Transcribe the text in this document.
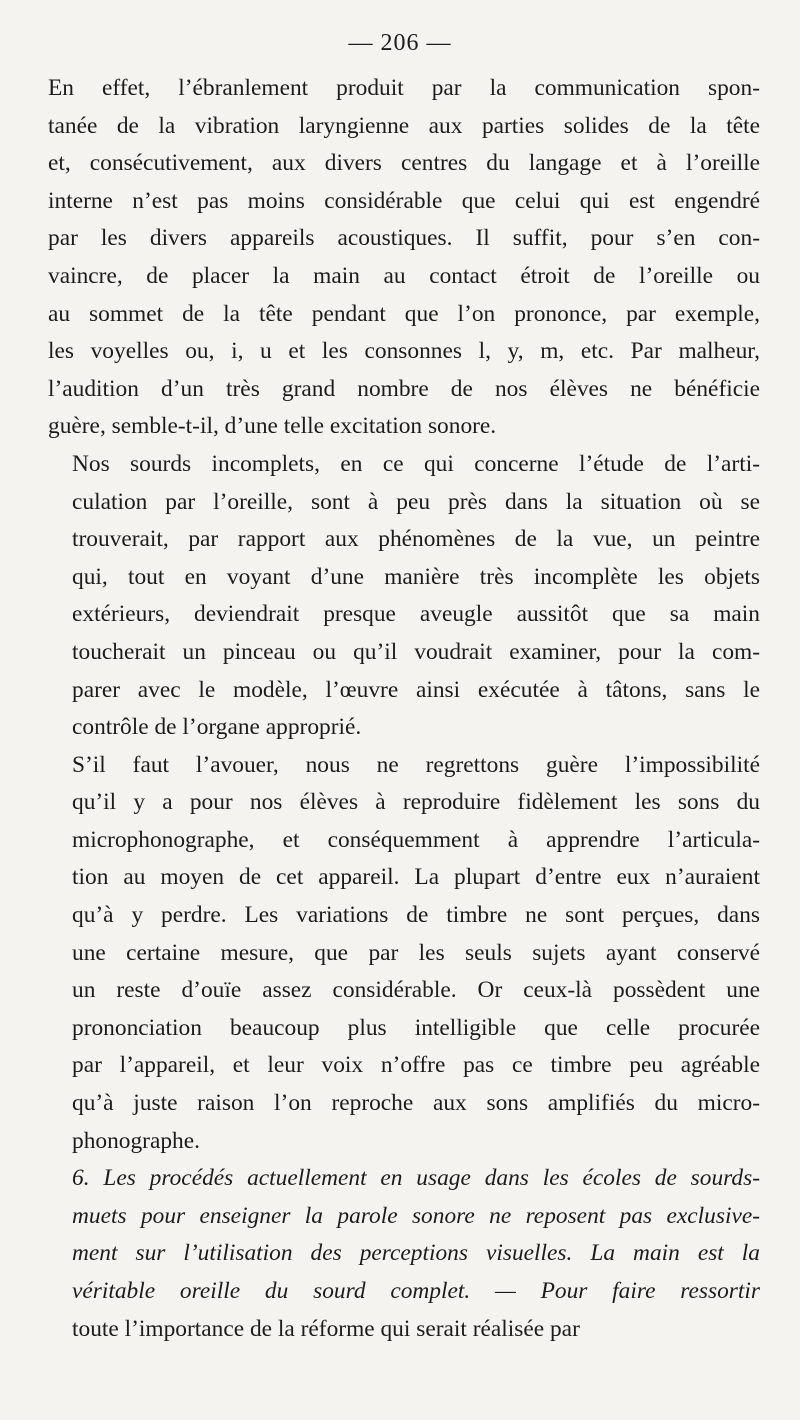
— 206 —

En effet, l’ébranlement produit par la communication spon-
tanée de la vibration laryngienne aux parties solides de la tête
et, consécutivement, aux divers centres du langage et à l’oreille
interne n’est pas moins considérable que celui qui est engendré
par les divers appareils acoustiques. Il suffit, pour s’en con-
vaincre, de placer la main au contact étroit de l’oreille ou
au sommet de la tête pendant que l’on prononce, par exemple,
les voyelles ou, i, u et les consonnes l, y, m, etc. Par malheur,
l’audition d’un très grand nombre de nos élèves ne bénéficie
guère, semble-t-il, d’une telle excitation sonore.

Nos sourds incomplets, en ce qui concerne l’étude de l’arti-
culation par l’oreille, sont à peu près dans la situation où se
trouverait, par rapport aux phénomènes de la vue, un peintre
qui, tout en voyant d’une manière très incomplète les objets
extérieurs, deviendrait presque aveugle aussitôt que sa main
toucherait un pinceau ou qu’il voudrait examiner, pour la com-
parer avec le modèle, l’œuvre ainsi exécutée à tâtons, sans le
contrôle de l’organe approprié.

S’il faut l’avouer, nous ne regrettons guère l’impossibilité
qu’il y a pour nos élèves à reproduire fidèlement les sons du
microphonographe, et conséquemment à apprendre l’articula-
tion au moyen de cet appareil. La plupart d’entre eux n’auraient
qu’à y perdre. Les variations de timbre ne sont perçues, dans
une certaine mesure, que par les seuls sujets ayant conservé
un reste d’ouïe assez considérable. Or ceux-là possèdent une
prononciation beaucoup plus intelligible que celle procurée
par l’appareil, et leur voix n’offre pas ce timbre peu agréable
qu’à juste raison l’on reproche aux sons amplifiés du micro-
phonographe.

6. Les procédés actuellement en usage dans les écoles de sourds-
muets pour enseigner la parole sonore ne reposent pas exclusive-
ment sur l’utilisation des perceptions visuelles. La main est la
véritable oreille du sourd complet. — Pour faire ressortir
toute l’importance de la réforme qui serait réalisée par
